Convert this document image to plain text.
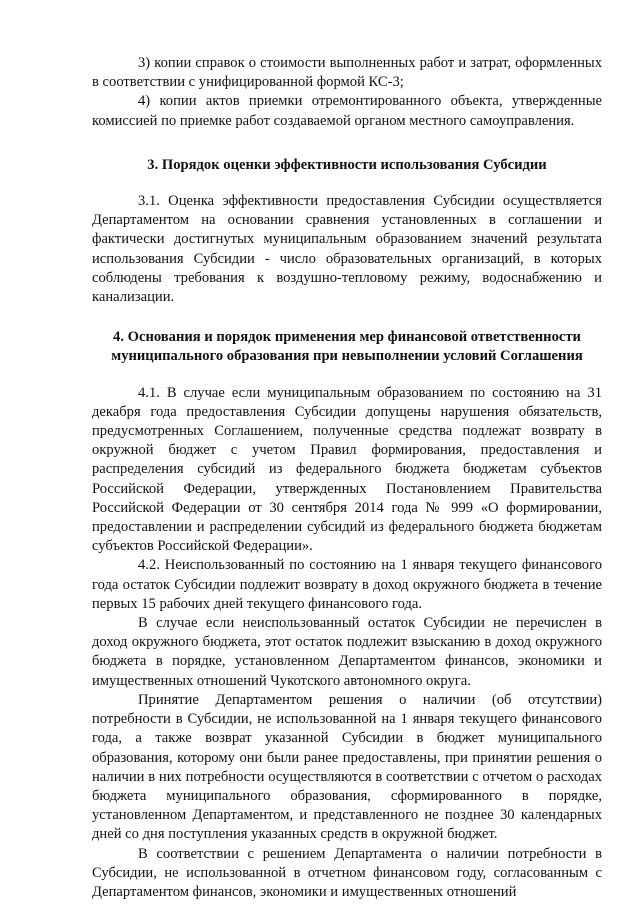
3) копии справок о стоимости выполненных работ и затрат, оформленных в соответствии с унифицированной формой КС-3;

4) копии актов приемки отремонтированного объекта, утвержденные комиссией по приемке работ создаваемой органом местного самоуправления.

3. Порядок оценки эффективности использования Субсидии

3.1. Оценка эффективности предоставления Субсидии осуществляется Департаментом на основании сравнения установленных в соглашении и фактически достигнутых муниципальным образованием значений результата использования Субсидии - число образовательных организаций, в которых соблюдены требования к воздушно-тепловому режиму, водоснабжению и канализации.

4. Основания и порядок применения мер финансовой ответственности муниципального образования при невыполнении условий Соглашения

4.1. В случае если муниципальным образованием по состоянию на 31 декабря года предоставления Субсидии допущены нарушения обязательств, предусмотренных Соглашением, полученные средства подлежат возврату в окружной бюджет с учетом Правил формирования, предоставления и распределения субсидий из федерального бюджета бюджетам субъектов Российской Федерации, утвержденных Постановлением Правительства Российской Федерации от 30 сентября 2014 года № 999 «О формировании, предоставлении и распределении субсидий из федерального бюджета бюджетам субъектов Российской Федерации».

4.2. Неиспользованный по состоянию на 1 января текущего финансового года остаток Субсидии подлежит возврату в доход окружного бюджета в течение первых 15 рабочих дней текущего финансового года.

В случае если неиспользованный остаток Субсидии не перечислен в доход окружного бюджета, этот остаток подлежит взысканию в доход окружного бюджета в порядке, установленном Департаментом финансов, экономики и имущественных отношений Чукотского автономного округа.

Принятие Департаментом решения о наличии (об отсутствии) потребности в Субсидии, не использованной на 1 января текущего финансового года, а также возврат указанной Субсидии в бюджет муниципального образования, которому они были ранее предоставлены, при принятии решения о наличии в них потребности осуществляются в соответствии с отчетом о расходах бюджета муниципального образования, сформированного в порядке, установленном Департаментом, и представленного не позднее 30 календарных дней со дня поступления указанных средств в окружной бюджет.

В соответствии с решением Департамента о наличии потребности в Субсидии, не использованной в отчетном финансовом году, согласованным с Департаментом финансов, экономики и имущественных отношений
